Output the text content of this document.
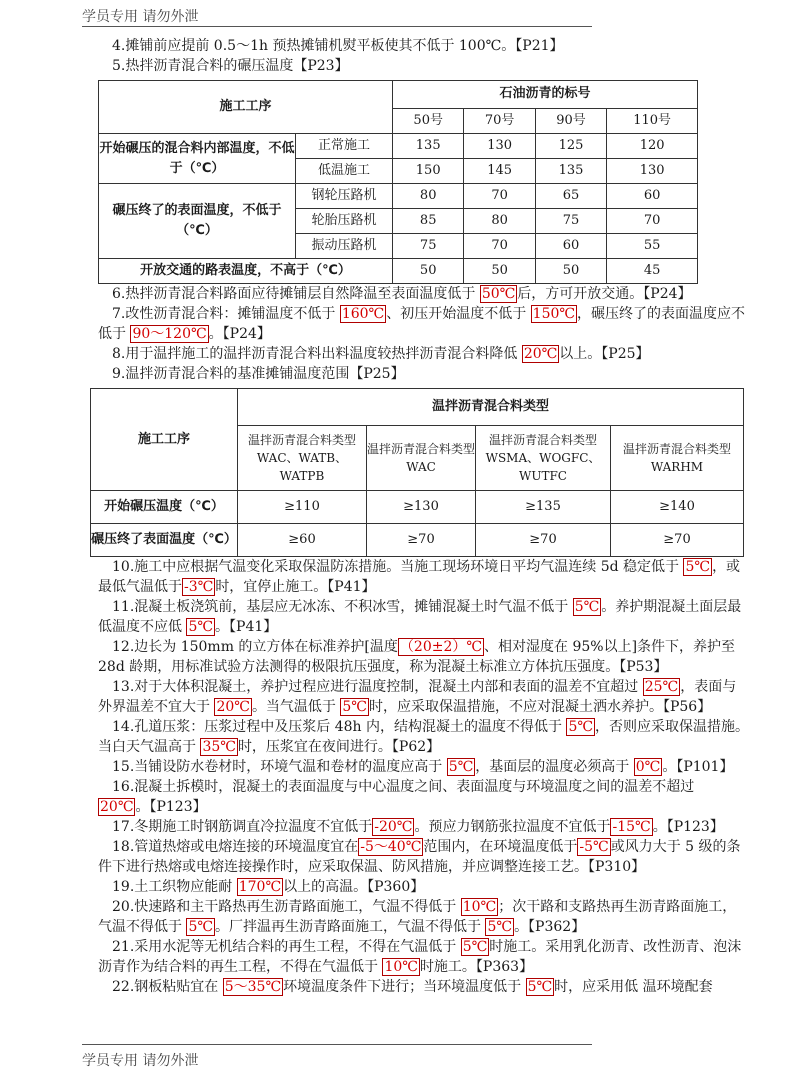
学员专用 请勿外泄

4.摊铺前应提前 0.5～1h 预热摊铺机熨平板使其不低于 100℃。【P21】

5.热拌沥青混合料的碾压温度【P23】

施工工序		石油沥青的标号			
		50号	70号	90号	110号
开始碾压的混合料内部温度，不低于（℃）	正常施工	135	130	125	120
	低温施工	150	145	135	130
碾压终了的表面温度，不低于（℃）	钢轮压路机	80	70	65	60
	轮胎压路机	85	80	75	70
	振动压路机	75	70	60	55
开放交通的路表温度，不高于（℃）		50	50	50	45

6.热拌沥青混合料路面应待摊铺层自然降温至表面温度低于 50℃ 后，方可开放交通。【P24】

7.改性沥青混合料：摊铺温度不低于 160℃ 、初压开始温度不低于 150℃ ，碾压终了的表面温度应不低于 90～120℃ 。【P24】

8.用于温拌施工的温拌沥青混合料出料温度较热拌沥青混合料降低 20℃ 以上。【P25】

9.温拌沥青混合料的基准摊铺温度范围【P25】

施工工序	温拌沥青混合料类型			
	温拌沥青混合料类型WAC、WATB、WATPB	温拌沥青混合料类型WAC	温拌沥青混合料类型WSMA、WOGFC、WUTFC	温拌沥青混合料类型WARHM
开始碾压温度（℃）	≥110	≥130	≥135	≥140
碾压终了表面温度（℃）	≥60	≥70	≥70	≥70

10.施工中应根据气温变化采取保温防冻措施。当施工现场环境日平均气温连续 5d 稳定低于 5℃ ，或最低气温低于 -3℃ 时，宜停止施工。【P41】

11.混凝土板浇筑前，基层应无冰冻、不积冰雪，摊铺混凝土时气温不低于 5℃ 。养护期混凝土面层最低温度不应低 5℃ 。【P41】

12.边长为 150mm 的立方体在标准养护[温度 （20±2）℃ 、相对湿度在 95%以上]条件下，养护至 28d 龄期，用标准试验方法测得的极限抗压强度，称为混凝土标准立方体抗压强度。【P53】

13.对于大体积混凝土，养护过程应进行温度控制，混凝土内部和表面的温差不宜超过 25℃ ，表面与外界温差不宜大于 20℃ 。当气温低于 5℃ 时，应采取保温措施，不应对混凝土洒水养护。【P56】

14.孔道压浆：压浆过程中及压浆后 48h 内，结构混凝土的温度不得低于 5℃ ，否则应采取保温措施。当白天气温高于 35℃ 时，压浆宜在夜间进行。【P62】

15.当铺设防水卷材时，环境气温和卷材的温度应高于 5℃ ，基面层的温度必须高于 0℃ 。【P101】

16.混凝土拆模时，混凝土的表面温度与中心温度之间、表面温度与环境温度之间的温差不超过 20℃ 。【P123】

17.冬期施工时钢筋调直冷拉温度不宜低于 -20℃ 。预应力钢筋张拉温度不宜低于 -15℃ 。【P123】

18.管道热熔或电熔连接的环境温度宜在 -5～40℃ 范围内，在环境温度低于 -5℃ 或风力大于 5 级的条件下进行热熔或电熔连接操作时，应采取保温、防风措施，并应调整连接工艺。【P310】

19.土工织物应能耐 170℃ 以上的高温。【P360】

20.快速路和主干路热再生沥青路面施工，气温不得低于 10℃ ；次干路和支路热再生沥青路面施工，气温不得低于 5℃ 。厂拌温再生沥青路面施工，气温不得低于 5℃ 。【P362】

21.采用水泥等无机结合料的再生工程，不得在气温低于 5℃ 时施工。采用乳化沥青、改性沥青、泡沫沥青作为结合料的再生工程，不得在气温低于 10℃ 时施工。【P363】

22.钢板粘贴宜在 5～35℃ 环境温度条件下进行；当环境温度低于 5℃ 时，应采用低 温环境配套

学员专用 请勿外泄
